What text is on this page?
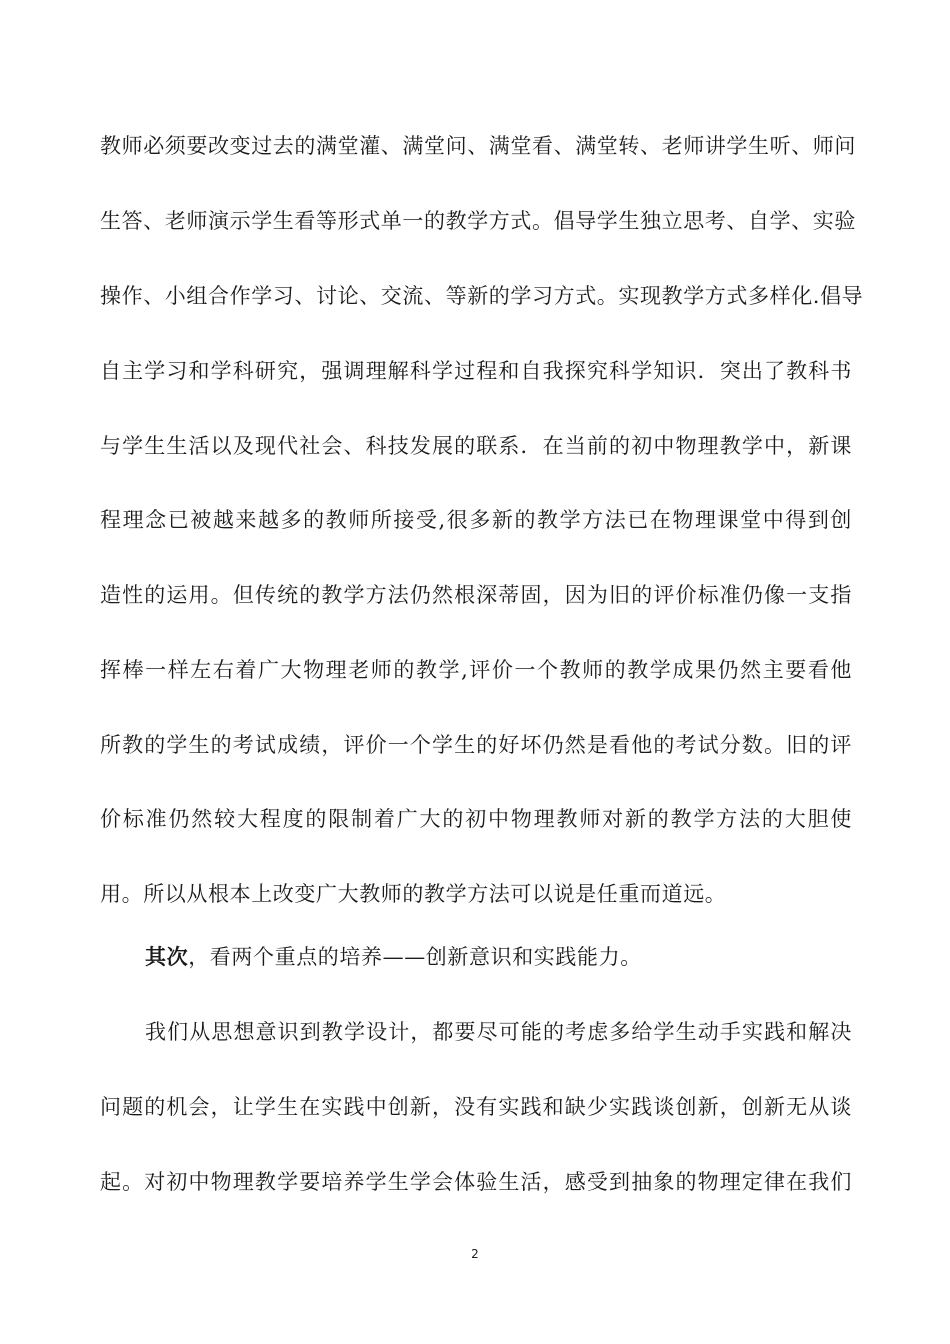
教师必须要改变过去的满堂灌、满堂问、满堂看、满堂转、老师讲学生听、师问
生答、老师演示学生看等形式单一的教学方式。倡导学生独立思考、自学、实验
操作、小组合作学习、讨论、交流、等新的学习方式。实现教学方式多样化.倡导
自主学习和学科研究，强调理解科学过程和自我探究科学知识．突出了教科书
与学生生活以及现代社会、科技发展的联系．在当前的初中物理教学中，新课
程理念已被越来越多的教师所接受,很多新的教学方法已在物理课堂中得到创
造性的运用。但传统的教学方法仍然根深蒂固，因为旧的评价标准仍像一支指
挥棒一样左右着广大物理老师的教学,评价一个教师的教学成果仍然主要看他
所教的学生的考试成绩，评价一个学生的好坏仍然是看他的考试分数。旧的评
价标准仍然较大程度的限制着广大的初中物理教师对新的教学方法的大胆使
用。所以从根本上改变广大教师的教学方法可以说是任重而道远。
其次，看两个重点的培养——创新意识和实践能力。
我们从思想意识到教学设计，都要尽可能的考虑多给学生动手实践和解决
问题的机会，让学生在实践中创新，没有实践和缺少实践谈创新，创新无从谈
起。对初中物理教学要培养学生学会体验生活，感受到抽象的物理定律在我们
2
